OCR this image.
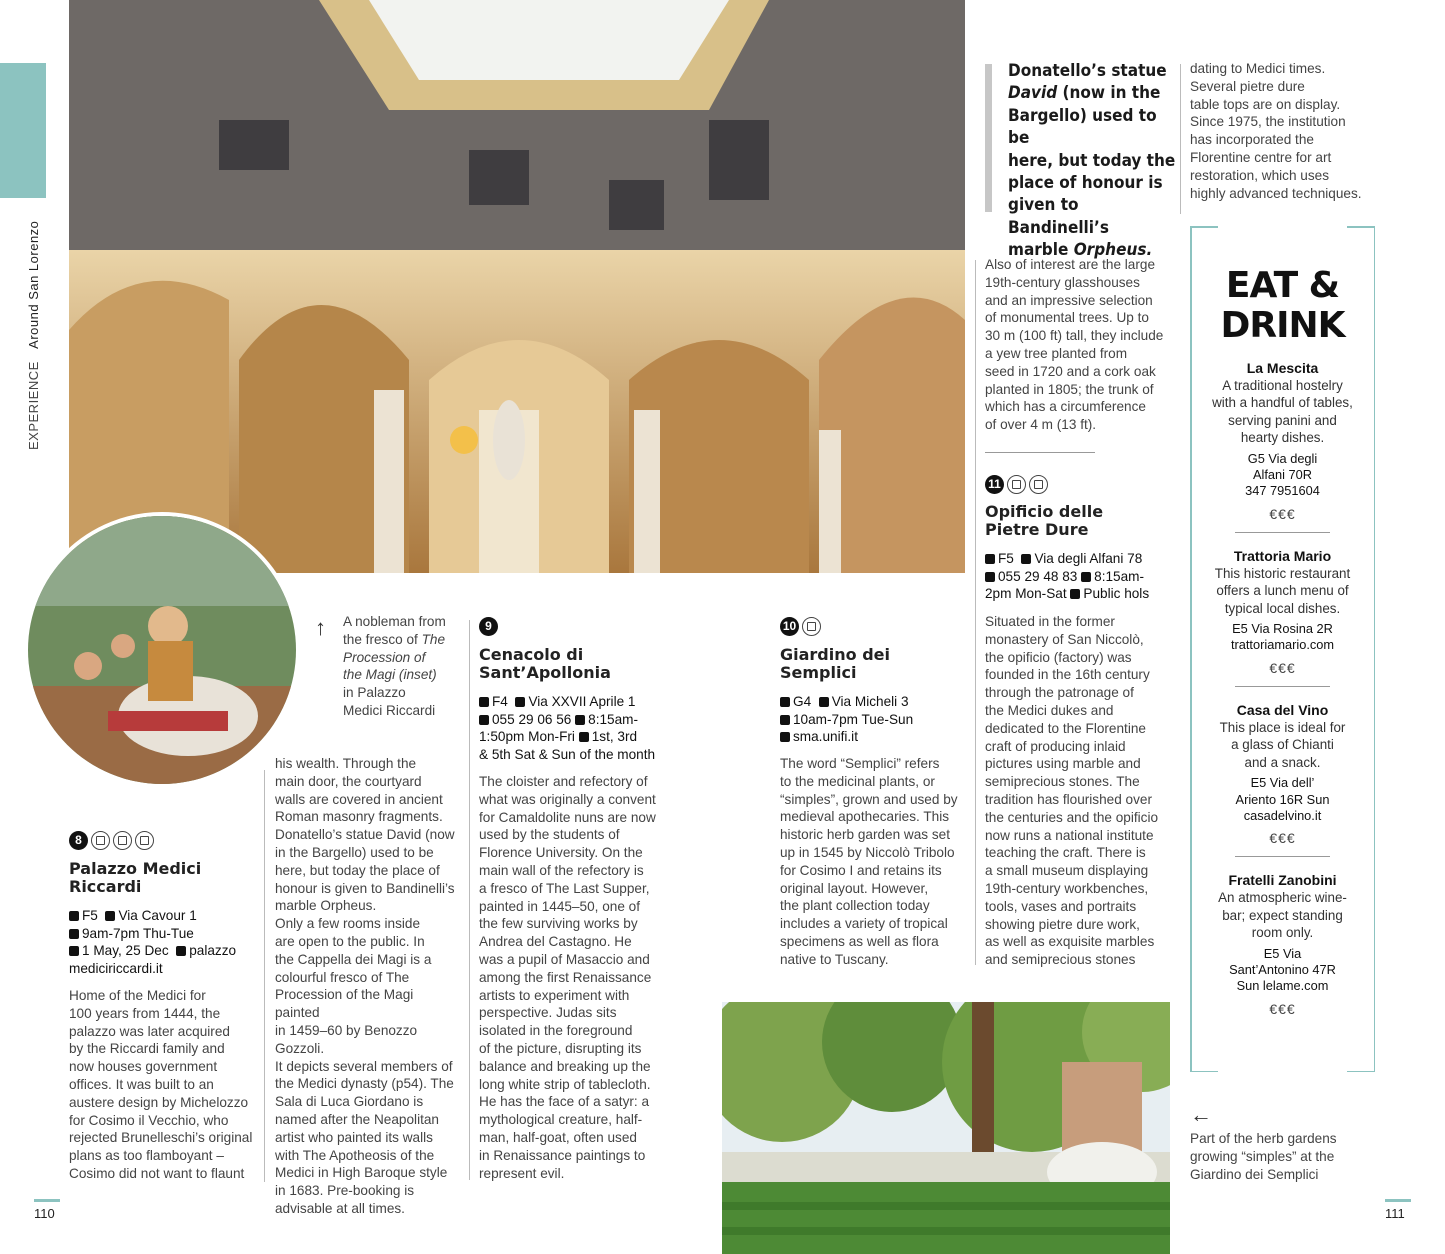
EXPERIENCE   Around San Lorenzo
↑ A nobleman from
the fresco of The
Procession of
the Magi (inset)
in Palazzo
Medici Riccardi
Donatello’s statue
David (now in the
Bargello) used to be
here, but today the
place of honour is
given to Bandinelli’s
marble Orpheus.
8
Palazzo Medici
Riccardi
F5 Via Cavour 1
9am-7pm Thu-Tue
1 May, 25 Dec palazzo
mediciriccardi.it
Home of the Medici for
100 years from 1444, the
palazzo was later acquired
by the Riccardi family and
now houses government
offices. It was built to an
austere design by Michelozzo
for Cosimo il Vecchio, who
rejected Brunelleschi’s original
plans as too flamboyant –
Cosimo did not want to flaunt
his wealth. Through the
main door, the courtyard
walls are covered in ancient
Roman masonry fragments.
Donatello’s statue David (now
in the Bargello) used to be
here, but today the place of
honour is given to Bandinelli’s
marble Orpheus.
Only a few rooms inside
are open to the public. In
the Cappella dei Magi is a
colourful fresco of The
Procession of the Magi painted
in 1459–60 by Benozzo Gozzoli.
It depicts several members of
the Medici dynasty (p54). The
Sala di Luca Giordano is
named after the Neapolitan
artist who painted its walls
with The Apotheosis of the
Medici in High Baroque style
in 1683. Pre-booking is
advisable at all times.
9
Cenacolo di
Sant’Apollonia
F4 Via XXVII Aprile 1
055 29 06 56 8:15am-
1:50pm Mon-Fri 1st, 3rd
& 5th Sat & Sun of the month
The cloister and refectory of
what was originally a convent
for Camaldolite nuns are now
used by the students of
Florence University. On the
main wall of the refectory is
a fresco of The Last Supper,
painted in 1445–50, one of
the few surviving works by
Andrea del Castagno. He
was a pupil of Masaccio and
among the first Renaissance
artists to experiment with
perspective. Judas sits
isolated in the foreground
of the picture, disrupting its
balance and breaking up the
long white strip of tablecloth.
He has the face of a satyr: a
mythological creature, half-
man, half-goat, often used
in Renaissance paintings to
represent evil.
10
Giardino dei
Semplici
G4 Via Micheli 3
10am-7pm Tue-Sun
sma.unifi.it
The word “Semplici” refers
to the medicinal plants, or
“simples”, grown and used by
medieval apothecaries. This
historic herb garden was set
up in 1545 by Niccolò Tribolo
for Cosimo I and retains its
original layout. However,
the plant collection today
includes a variety of tropical
specimens as well as flora
native to Tuscany.
Also of interest are the large
19th-century glasshouses
and an impressive selection
of monumental trees. Up to
30 m (100 ft) tall, they include
a yew tree planted from
seed in 1720 and a cork oak
planted in 1805; the trunk of
which has a circumference
of over 4 m (13 ft).
11
Opificio delle
Pietre Dure
F5 Via degli Alfani 78
055 29 48 83 8:15am-
2pm Mon-Sat Public hols
Situated in the former
monastery of San Niccolò,
the opificio (factory) was
founded in the 16th century
through the patronage of
the Medici dukes and
dedicated to the Florentine
craft of producing inlaid
pictures using marble and
semiprecious stones. The
tradition has flourished over
the centuries and the opificio
now runs a national institute
teaching the craft. There is
a small museum displaying
19th-century workbenches,
tools, vases and portraits
showing pietre dure work,
as well as exquisite marbles
and semiprecious stones
dating to Medici times.
Several pietre dure
table tops are on display.
Since 1975, the institution
has incorporated the
Florentine centre for art
restoration, which uses
highly advanced techniques.
EAT &
DRINK
La Mescita
A traditional hostelry
with a handful of tables,
serving panini and
hearty dishes.
G5 Via degli
Alfani 70R
347 7951604
€€€
Trattoria Mario
This historic restaurant
offers a lunch menu of
typical local dishes.
E5 Via Rosina 2R
trattoriamario.com
€€€
Casa del Vino
This place is ideal for
a glass of Chianti
and a snack.
E5 Via dell’
Ariento 16R Sun
casadelvino.it
€€€
Fratelli Zanobini
An atmospheric wine-
bar; expect standing
room only.
E5 Via
Sant’Antonino 47R
Sun lelame.com
€€€
←
Part of the herb gardens
growing “simples” at the
Giardino dei Semplici
110	111
